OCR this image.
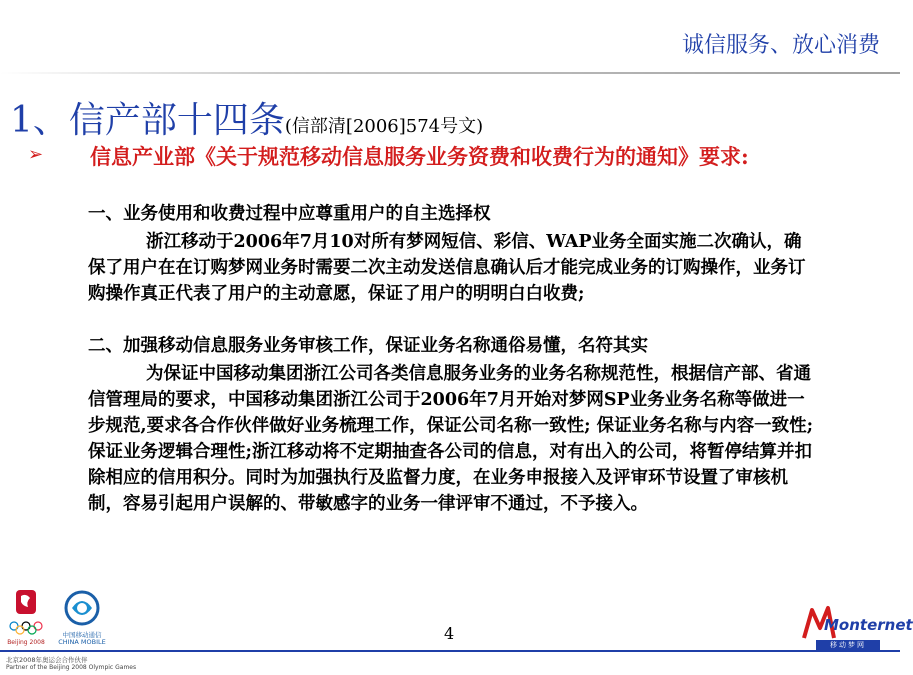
诚信服务、放心消费
1、信产部十四条(信部清[2006]574号文)
➢ 信息产业部《关于规范移动信息服务业务资费和收费行为的通知》要求:
一、业务使用和收费过程中应尊重用户的自主选择权
浙江移动于2006年7月10对所有梦网短信、彩信、WAP业务全面实施二次确认，确保了用户在在订购梦网业务时需要二次主动发送信息确认后才能完成业务的订购操作，业务订购操作真正代表了用户的主动意愿，保证了用户的明明白白收费;
二、加强移动信息服务业务审核工作，保证业务名称通俗易懂，名符其实
为保证中国移动集团浙江公司各类信息服务业务的业务名称规范性，根据信产部、省通信管理局的要求，中国移动集团浙江公司于2006年7月开始对梦网SP业务业务名称等做进一步规范,要求各合作伙伴做好业务梳理工作，保证公司名称一致性; 保证业务名称与内容一致性; 保证业务逻辑合理性;浙江移动将不定期抽查各公司的信息，对有出入的公司，将暂停结算并扣除相应的信用积分。同时为加强执行及监督力度，在业务申报接入及评审环节设置了审核机制，容易引起用户误解的、带敏感字的业务一律评审不通过，不予接入。
4
Beijing 2008
中国移动通信
CHINA MOBILE
北京2008年奥运会合作伙伴
Partner of the Beijing 2008 Olympic Games
Monternet
移动梦网
